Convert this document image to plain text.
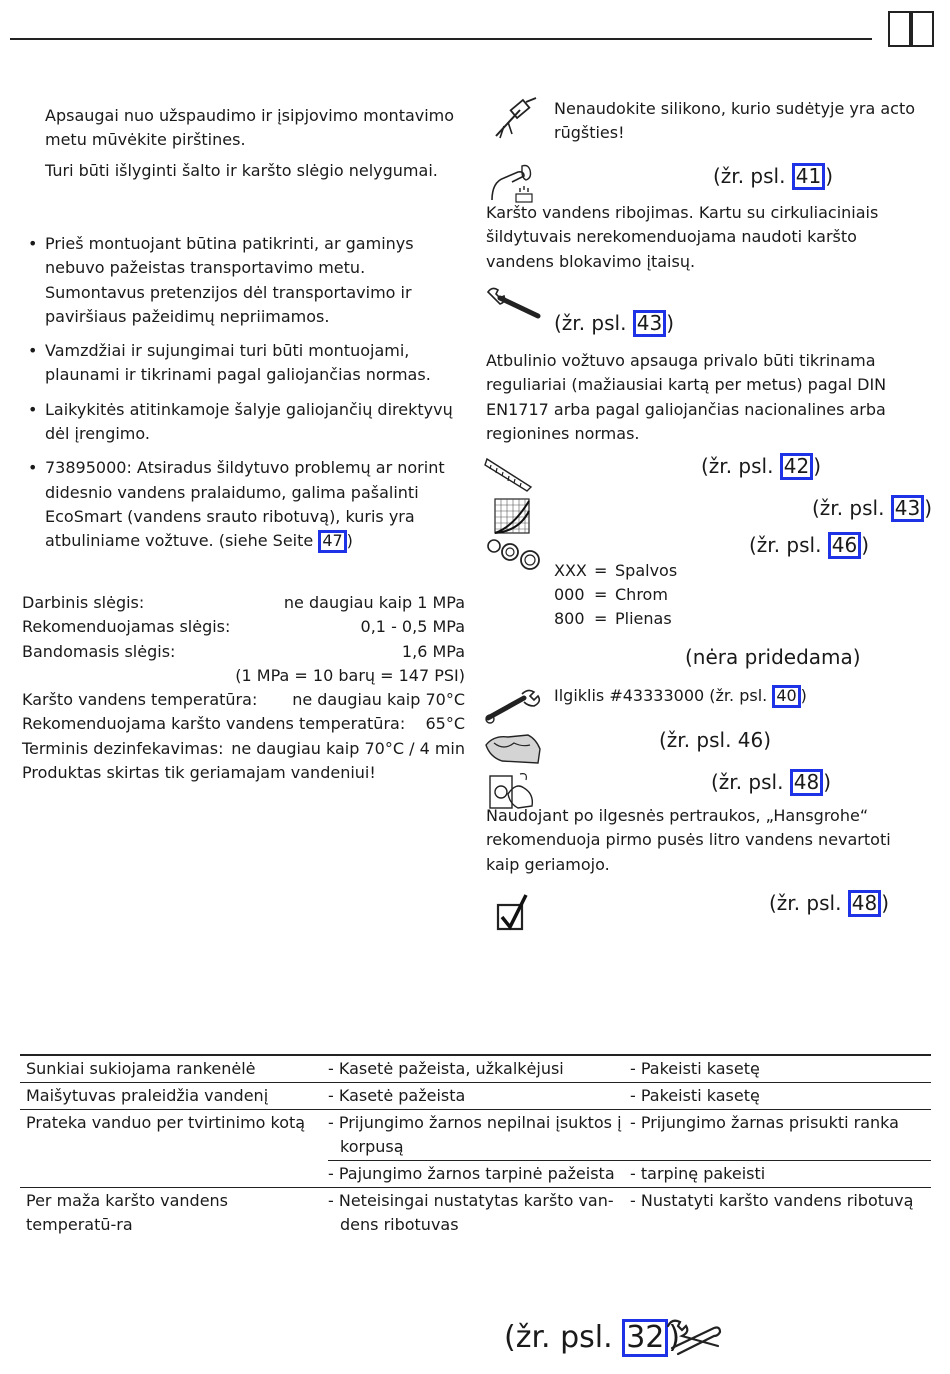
Apsaugai nuo užspaudimo ir įsipjovimo montavimo metu mūvėkite pirštines.
Turi būti išlyginti šalto ir karšto slėgio nelygumai.
• Prieš montuojant būtina patikrinti, ar gaminys nebuvo pažeistas transportavimo metu. Sumontavus pretenzijos dėl transportavimo ir paviršiaus pažeidimų nepriimamos.
• Vamzdžiai ir sujungimai turi būti montuojami, plaunami ir tikrinami pagal galiojančias normas.
• Laikykitės atitinkamoje šalyje galiojančių direktyvų dėl įrengimo.
• 73895000: Atsiradus šildytuvo problemų ar norint didesnio vandens pralaidumo, galima pašalinti EcoSmart (vandens srauto ribotuvą), kuris yra atbuliniame vožtuve. (siehe Seite 47 )
Darbinis slėgis:	ne daugiau kaip 1 MPa
Rekomenduojamas slėgis:	0,1 - 0,5 MPa
Bandomasis slėgis:	1,6 MPa
(1 MPa = 10 barų = 147 PSI)
Karšto vandens temperatūra: ne daugiau kaip 70°C
Rekomenduojama karšto vandens temperatūra: 65°C
Terminis dezinfekavimas: ne daugiau kaip 70°C / 4 min
Produktas skirtas tik geriamajam vandeniui!
Nenaudokite silikono, kurio sudėtyje yra acto rūgšties!
(žr. psl. 41 )
Karšto vandens ribojimas. Kartu su cirkuliaciniais šildytuvais nerekomenduojama naudoti karšto vandens blokavimo įtaisų.
(žr. psl. 43 )
Atbulinio vožtuvo apsauga privalo būti tikrinama reguliariai (mažiausiai kartą per metus) pagal DIN EN1717 arba pagal galiojančias nacionalines arba regionines normas.
(žr. psl. 42 )
(žr. psl. 43 )
(žr. psl. 46 )
XXX = Spalvos
000 = Chrom
800 = Plienas
(nėra pridedama)
Ilgiklis #43333000 (žr. psl. 40 )
(žr. psl. 46)
(žr. psl. 48 )
Naudojant po ilgesnės pertraukos, „Hansgrohe“ rekomenduoja pirmo pusės litro vandens nevartoti kaip geriamojo.
(žr. psl. 48 )
Sunkiai sukiojama rankenėlė	- Kasetė pažeista, užkalkėjusi	- Pakeisti kasetę

Maišytuvas praleidžia vandenį	- Kasetė pažeista	- Pakeisti kasetę

Prateka vanduo per tvirtinimo kotą	- Prijungimo žarnos nepilnai įsuktos į korpusą	- Prijungimo žarnas prisukti ranka

	- Pajungimo žarnos tarpinė pažeista	- tarpinę pakeisti

Per maža karšto vandens temperatū-ra	- Neteisingai nustatytas karšto van-dens ribotuvas	- Nustatyti karšto vandens ribotuvą
(žr. psl. 32 )
